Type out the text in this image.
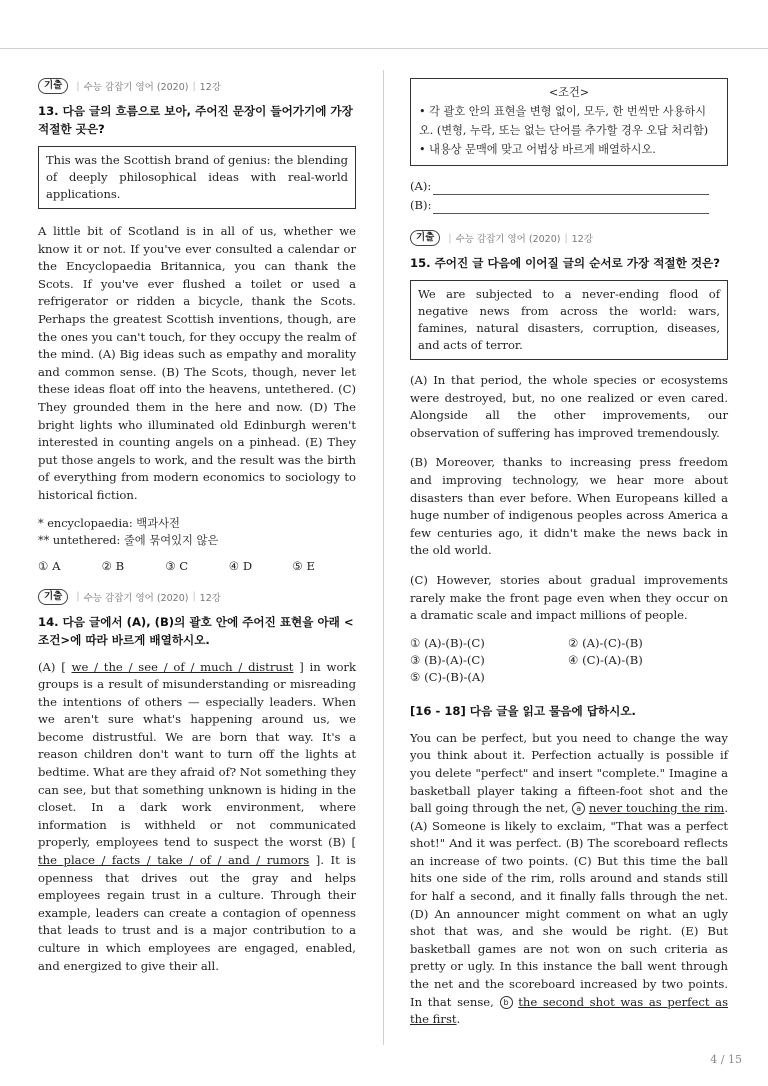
기출	| 수능 감잡기 영어 (2020) | 12강

13. 다음 글의 흐름으로 보아, 주어진 문장이 들어가기에 가장 적절한 곳은?

This was the Scottish brand of genius: the blending of deeply philosophical ideas with real-world applications.

A little bit of Scotland is in all of us, whether we know it or not. If you've ever consulted a calendar or the Encyclopaedia Britannica, you can thank the Scots. If you've ever flushed a toilet or used a refrigerator or ridden a bicycle, thank the Scots. Perhaps the greatest Scottish inventions, though, are the ones you can't touch, for they occupy the realm of the mind. (A) Big ideas such as empathy and morality and common sense. (B) The Scots, though, never let these ideas float off into the heavens, untethered. (C) They grounded them in the here and now. (D) The bright lights who illuminated old Edinburgh weren't interested in counting angels on a pinhead. (E) They put those angels to work, and the result was the birth of everything from modern economics to sociology to historical fiction.

* encyclopaedia: 백과사전
** untethered: 줄에 묶여있지 않은
① A	② B	③ C	④ D	⑤ E
기출	| 수능 감잡기 영어 (2020) | 12강

14. 다음 글에서 (A), (B)의 괄호 안에 주어진 표현을 아래 <조건>에 따라 바르게 배열하시오.

(A) [ we / the / see / of / much / distrust ] in work groups is a result of misunderstanding or misreading the intentions of others — especially leaders. When we aren't sure what's happening around us, we become distrustful. We are born that way. It's a reason children don't want to turn off the lights at bedtime. What are they afraid of? Not something they can see, but that something unknown is hiding in the closet. In a dark work environment, where information is withheld or not communicated properly, employees tend to suspect the worst (B) [ the place / facts / take / of / and / rumors ]. It is openness that drives out the gray and helps employees regain trust in a culture. Through their example, leaders can create a contagion of openness that leads to trust and is a major contribution to a culture in which employees are engaged, enabled, and energized to give their all.

<조건>
• 각 괄호 안의 표현을 변형 없이, 모두, 한 번씩만 사용하시오. (변형, 누락, 또는 없는 단어를 추가할 경우 오답 처리함)
• 내용상 문맥에 맞고 어법상 바르게 배열하시오.
(A):
(B):
기출	| 수능 감잡기 영어 (2020) | 12강

15. 주어진 글 다음에 이어질 글의 순서로 가장 적절한 것은?

We are subjected to a never-ending flood of negative news from across the world: wars, famines, natural disasters, corruption, diseases, and acts of terror.

(A) In that period, the whole species or ecosystems were destroyed, but, no one realized or even cared. Alongside all the other improvements, our observation of suffering has improved tremendously.

(B) Moreover, thanks to increasing press freedom and improving technology, we hear more about disasters than ever before. When Europeans killed a huge number of indigenous peoples across America a few centuries ago, it didn't make the news back in the old world.

(C) However, stories about gradual improvements rarely make the front page even when they occur on a dramatic scale and impact millions of people.

① (A)-(B)-(C)	② (A)-(C)-(B)
③ (B)-(A)-(C)	④ (C)-(A)-(B)
⑤ (C)-(B)-(A)

[16 - 18] 다음 글을 읽고 물음에 답하시오.

You can be perfect, but you need to change the way you think about it. Perfection actually is possible if you delete "perfect" and insert "complete." Imagine a basketball player taking a fifteen-foot shot and the ball going through the net, a never touching the rim. (A) Someone is likely to exclaim, "That was a perfect shot!" And it was perfect. (B) The scoreboard reflects an increase of two points. (C) But this time the ball hits one side of the rim, rolls around and stands still for half a second, and it finally falls through the net. (D) An announcer might comment on what an ugly shot that was, and she would be right. (E) But basketball games are not won on such criteria as pretty or ugly. In this instance the ball went through the net and the scoreboard increased by two points. In that sense, b the second shot was as perfect as the first.

4 / 15
